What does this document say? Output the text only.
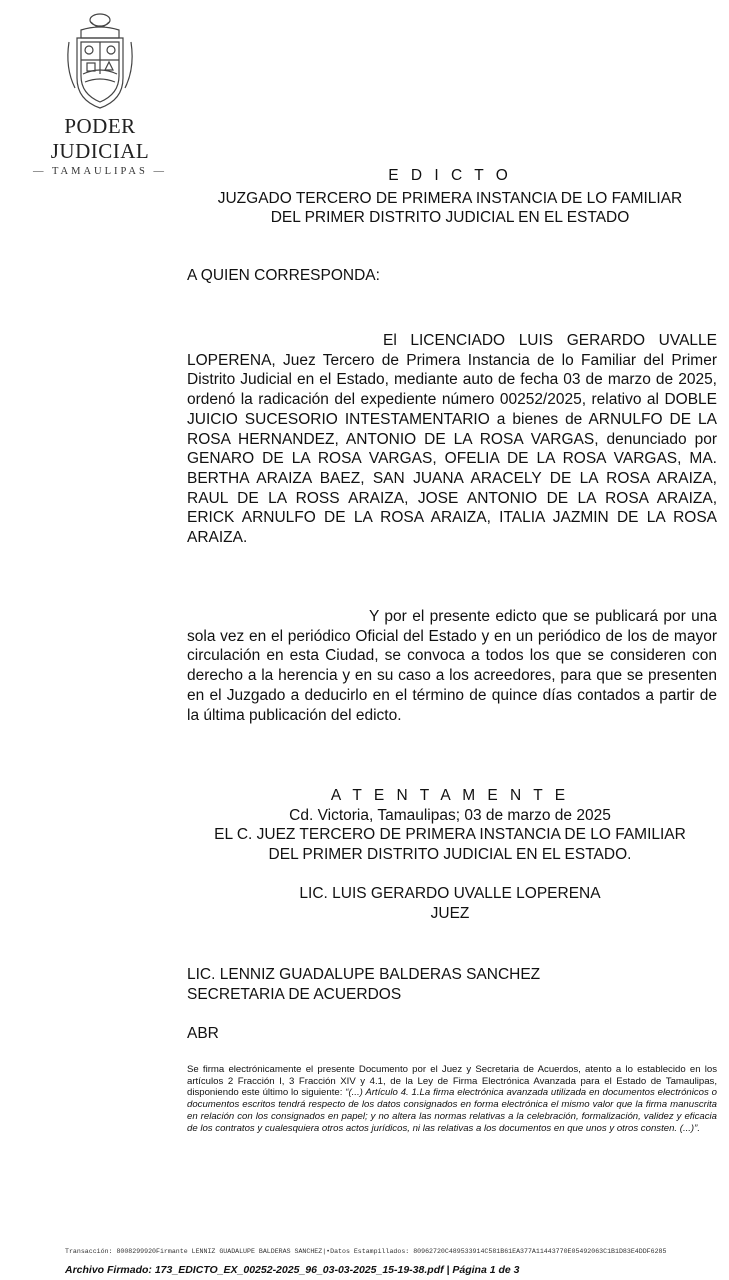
PODER JUDICIAL
— TAMAULIPAS —	E D I C T O
JUZGADO TERCERO DE PRIMERA INSTANCIA DE LO FAMILIAR
DEL PRIMER DISTRITO JUDICIAL EN EL ESTADO
A QUIEN CORRESPONDA:
El LICENCIADO LUIS GERARDO UVALLE LOPERENA, Juez Tercero de Primera Instancia de lo Familiar del Primer Distrito Judicial en el Estado, mediante auto de fecha 03 de marzo de 2025, ordenó la radicación del expediente número 00252/2025, relativo al DOBLE JUICIO SUCESORIO INTESTAMENTARIO a bienes de ARNULFO DE LA ROSA HERNANDEZ, ANTONIO DE LA ROSA VARGAS, denunciado por GENARO DE LA ROSA VARGAS, OFELIA DE LA ROSA VARGAS, MA. BERTHA ARAIZA BAEZ, SAN JUANA ARACELY DE LA ROSA ARAIZA, RAUL DE LA ROSS ARAIZA, JOSE ANTONIO DE LA ROSA ARAIZA, ERICK ARNULFO DE LA ROSA ARAIZA, ITALIA JAZMIN DE LA ROSA ARAIZA.
Y por el presente edicto que se publicará por una sola vez en el periódico Oficial del Estado y en un periódico de los de mayor circulación en esta Ciudad, se convoca a todos los que se consideren con derecho a la herencia y en su caso a los acreedores, para que se presenten en el Juzgado a deducirlo en el término de quince días contados a partir de la última publicación del edicto.
A T E N T A M E N T E
Cd. Victoria, Tamaulipas; 03 de marzo de 2025
EL C. JUEZ TERCERO DE PRIMERA INSTANCIA DE LO FAMILIAR
DEL PRIMER DISTRITO JUDICIAL EN EL ESTADO.
LIC. LUIS GERARDO UVALLE LOPERENA
JUEZ
LIC. LENNIZ GUADALUPE BALDERAS SANCHEZ
SECRETARIA DE ACUERDOS
ABR
Se firma electrónicamente el presente Documento por el Juez y Secretaria de Acuerdos, atento a lo establecido en los artículos 2 Fracción I, 3 Fracción XIV y 4.1, de la Ley de Firma Electrónica Avanzada para el Estado de Tamaulipas, disponiendo este último lo siguiente: “(...) Artículo 4. 1.La firma electrónica avanzada utilizada en documentos electrónicos o documentos escritos tendrá respecto de los datos consignados en forma electrónica el mismo valor que la firma manuscrita en relación con los consignados en papel; y no altera las normas relativas a la celebración, formalización, validez y eficacia de los contratos y cualesquiera otros actos jurídicos, ni las relativas a los documentos en que unos y otros consten. (...)”.
Transacción: 8008299920Firmante LENNIZ GUADALUPE BALDERAS SANCHEZ|•Datos Estampillados: 80962720C489533914C581B61EA377A11443770E05492063C1B1D83E4DDF6285
Archivo Firmado: 173_EDICTO_EX_00252-2025_96_03-03-2025_15-19-38.pdf | Página 1 de 3
